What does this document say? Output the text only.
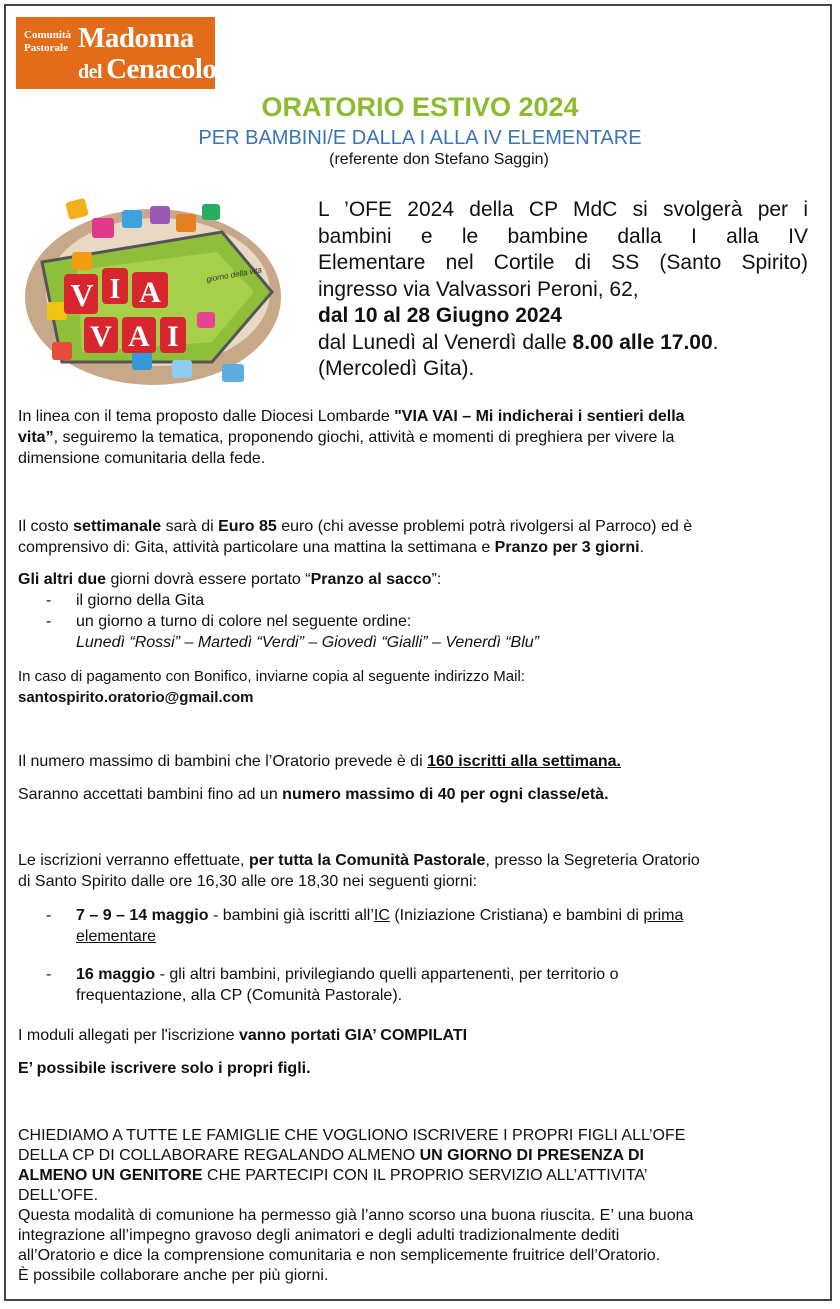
Comunità
Pastorale Madonna
del Cenacolo
ORATORIO ESTIVO 2024
PER BAMBINI/E DALLA I ALLA IV ELEMENTARE
(referente don Stefano Saggin)
V I A
V A I
giorno della vita
L ’OFE 2024 della CP MdC si svolgerà per i
bambini e le bambine dalla I alla IV
Elementare nel Cortile di SS (Santo Spirito)
ingresso via Valvassori Peroni, 62,
dal 10 al 28 Giugno 2024
dal Lunedì al Venerdì dalle 8.00 alle 17.00.
(Mercoledì Gita).
In linea con il tema proposto dalle Diocesi Lombarde "VIA VAI – Mi indicherai i sentieri della
vita”, seguiremo la tematica, proponendo giochi, attività e momenti di preghiera per vivere la
dimensione comunitaria della fede.
Il costo settimanale sarà di Euro 85 euro (chi avesse problemi potrà rivolgersi al Parroco) ed è
comprensivo di: Gita, attività particolare una mattina la settimana e Pranzo per 3 giorni.
Gli altri due giorni dovrà essere portato “Pranzo al sacco”:
- il giorno della Gita
- un giorno a turno di colore nel seguente ordine:
Lunedì “Rossi” – Martedì “Verdi” – Giovedì “Gialli” – Venerdì “Blu”
In caso di pagamento con Bonifico, inviarne copia al seguente indirizzo Mail:
santospirito.oratorio@gmail.com
Il numero massimo di bambini che l’Oratorio prevede è di 160 iscritti alla settimana.
Saranno accettati bambini fino ad un numero massimo di 40 per ogni classe/età.
Le iscrizioni verranno effettuate, per tutta la Comunità Pastorale, presso la Segreteria Oratorio
di Santo Spirito dalle ore 16,30 alle ore 18,30 nei seguenti giorni:
- 7 – 9 – 14 maggio - bambini già iscritti all’IC (Iniziazione Cristiana) e bambini di prima
elementare
- 16 maggio - gli altri bambini, privilegiando quelli appartenenti, per territorio o
frequentazione, alla CP (Comunità Pastorale).
I moduli allegati per l'iscrizione vanno portati GIA’ COMPILATI
E’ possibile iscrivere solo i propri figli.
CHIEDIAMO A TUTTE LE FAMIGLIE CHE VOGLIONO ISCRIVERE I PROPRI FIGLI ALL’OFE
DELLA CP DI COLLABORARE REGALANDO ALMENO UN GIORNO DI PRESENZA DI
ALMENO UN GENITORE CHE PARTECIPI CON IL PROPRIO SERVIZIO ALL’ATTIVITA’
DELL’OFE.
Questa modalità di comunione ha permesso già l’anno scorso una buona riuscita. E’ una buona
integrazione all’impegno gravoso degli animatori e degli adulti tradizionalmente dediti
all’Oratorio e dice la comprensione comunitaria e non semplicemente fruitrice dell’Oratorio.
È possibile collaborare anche per più giorni.
